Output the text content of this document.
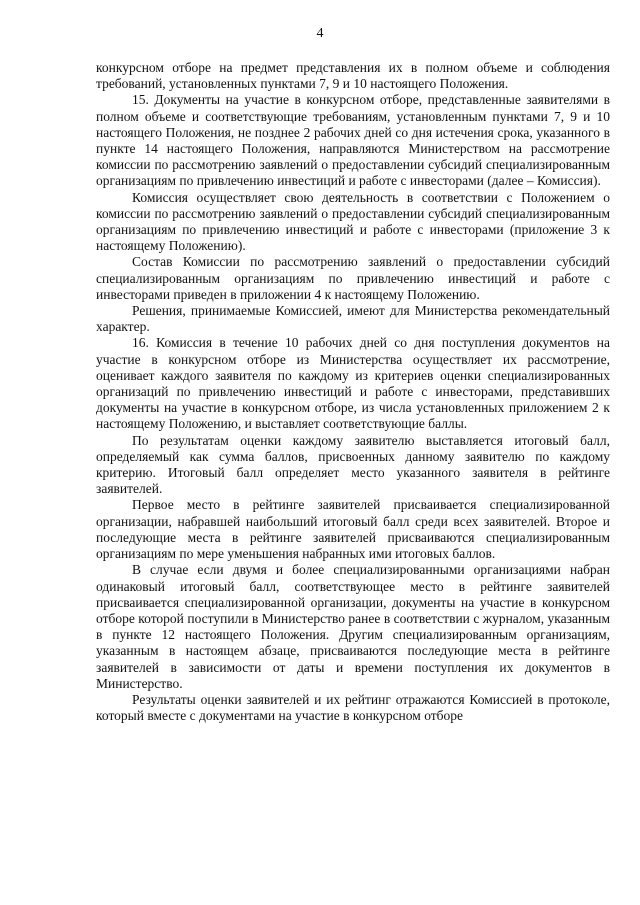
4

конкурсном отборе на предмет представления их в полном объеме и соблюдения требований, установленных пунктами 7, 9 и 10 настоящего Положения.

15. Документы на участие в конкурсном отборе, представленные заявителями в полном объеме и соответствующие требованиям, установленным пунктами 7, 9 и 10 настоящего Положения, не позднее 2 рабочих дней со дня истечения срока, указанного в пункте 14 настоящего Положения, направляются Министерством на рассмотрение комиссии по рассмотрению заявлений о предоставлении субсидий специализированным организациям по привлечению инвестиций и работе с инвесторами (далее – Комиссия).

Комиссия осуществляет свою деятельность в соответствии с Положением о комиссии по рассмотрению заявлений о предоставлении субсидий специализированным организациям по привлечению инвестиций и работе с инвесторами (приложение 3 к настоящему Положению).

Состав Комиссии по рассмотрению заявлений о предоставлении субсидий специализированным организациям по привлечению инвестиций и работе с инвесторами приведен в приложении 4 к настоящему Положению.

Решения, принимаемые Комиссией, имеют для Министерства рекомендательный характер.

16. Комиссия в течение 10 рабочих дней со дня поступления документов на участие в конкурсном отборе из Министерства осуществляет их рассмотрение, оценивает каждого заявителя по каждому из критериев оценки специализированных организаций по привлечению инвестиций и работе с инвесторами, представивших документы на участие в конкурсном отборе, из числа установленных приложением 2 к настоящему Положению, и выставляет соответствующие баллы.

По результатам оценки каждому заявителю выставляется итоговый балл, определяемый как сумма баллов, присвоенных данному заявителю по каждому критерию. Итоговый балл определяет место указанного заявителя в рейтинге заявителей.

Первое место в рейтинге заявителей присваивается специализированной организации, набравшей наибольший итоговый балл среди всех заявителей. Второе и последующие места в рейтинге заявителей присваиваются специализированным организациям по мере уменьшения набранных ими итоговых баллов.

В случае если двумя и более специализированными организациями набран одинаковый итоговый балл, соответствующее место в рейтинге заявителей присваивается специализированной организации, документы на участие в конкурсном отборе которой поступили в Министерство ранее в соответствии с журналом, указанным в пункте 12 настоящего Положения. Другим специализированным организациям, указанным в настоящем абзаце, присваиваются последующие места в рейтинге заявителей в зависимости от даты и времени поступления их документов в Министерство.

Результаты оценки заявителей и их рейтинг отражаются Комиссией в протоколе, который вместе с документами на участие в конкурсном отборе
